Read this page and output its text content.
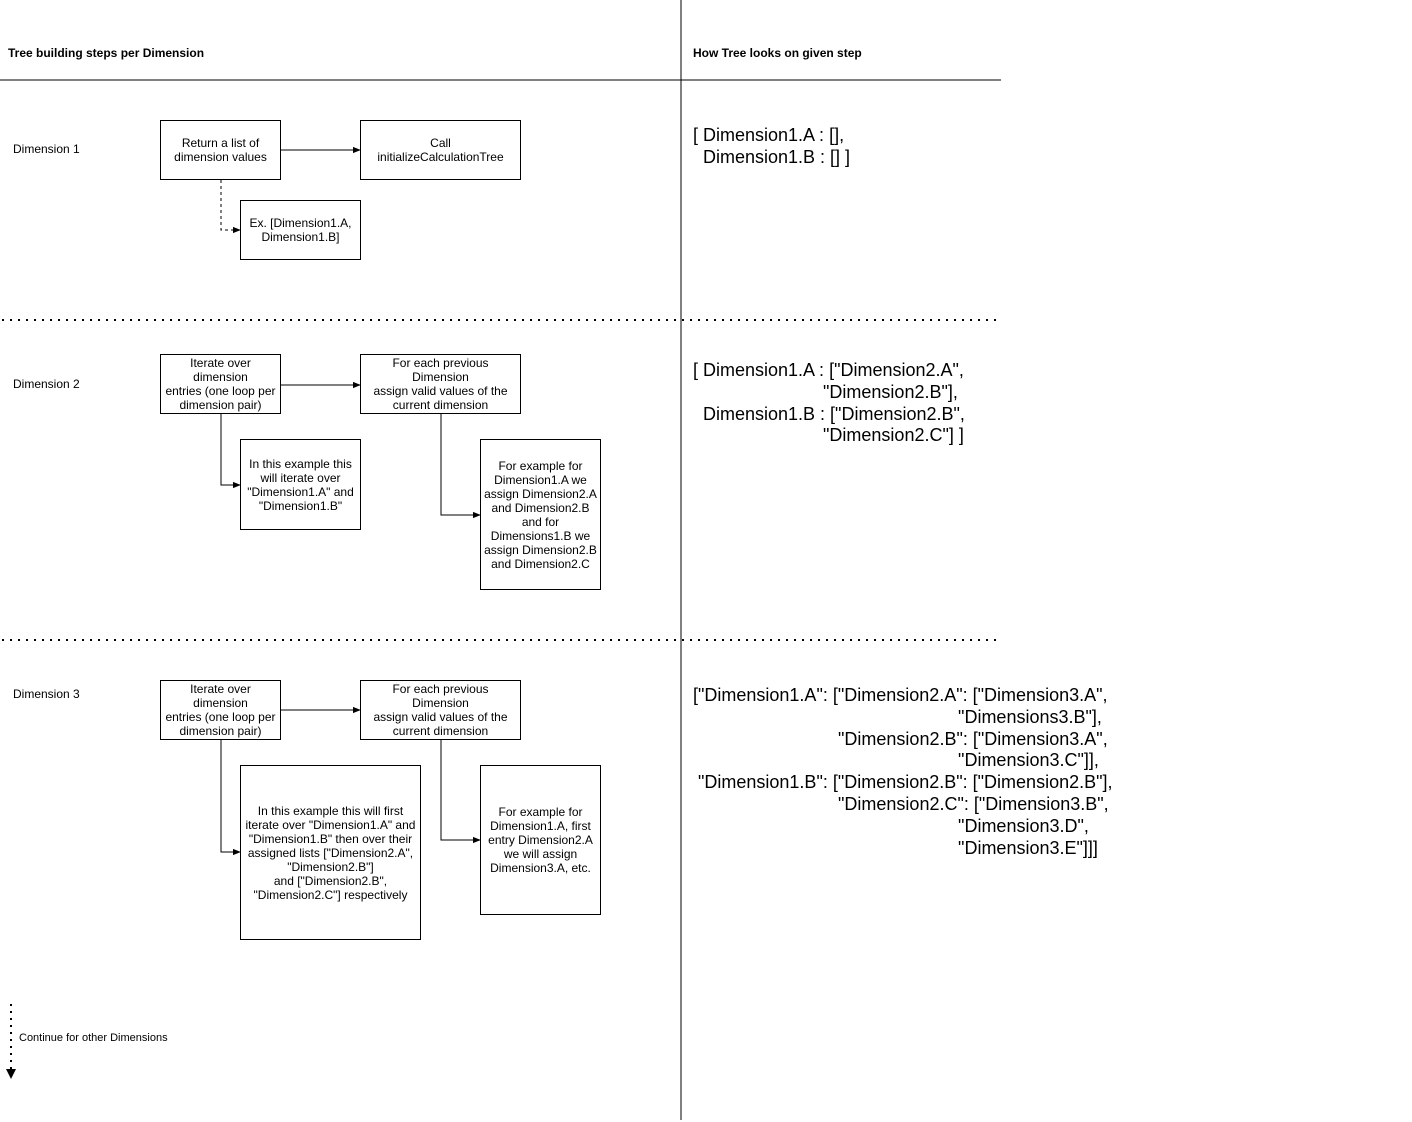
Tree building steps per Dimension	How Tree looks on given step
Dimension 1	Return a list of
dimension values
Call
initializeCalculationTree
Ex. [Dimension1.A,
Dimension1.B]
[ Dimension1.A : [],
Dimension1.B : [] ]
Dimension 2
Iterate over dimension
entries (one loop per
dimension pair)
For each previous Dimension
assign valid values of the
current dimension
In this example this
will iterate over
"Dimension1.A" and
"Dimension1.B"
For example for
Dimension1.A we
assign Dimension2.A
and Dimension2.B
and for
Dimensions1.B we
assign Dimension2.B
and Dimension2.C
[ Dimension1.A : ["Dimension2.A",
"Dimension2.B"],
Dimension1.B : ["Dimension2.B",
"Dimension2.C"] ]
Dimension 3	Iterate over dimension
entries (one loop per
dimension pair)
For each previous Dimension
assign valid values of the
current dimension
In this example this will first
iterate over "Dimension1.A" and
"Dimension1.B" then over their
assigned lists ["Dimension2.A",
"Dimension2.B"]
and ["Dimension2.B",
"Dimension2.C"] respectively
For example for
Dimension1.A, first
entry Dimension2.A
we will assign
Dimension3.A, etc.
["Dimension1.A": ["Dimension2.A": ["Dimension3.A",
"Dimensions3.B"],
"Dimension2.B": ["Dimension3.A",
"Dimension3.C"]],
"Dimension1.B": ["Dimension2.B": ["Dimension2.B"],
"Dimension2.C": ["Dimension3.B",
"Dimension3.D",
"Dimension3.E"]]]
Continue for other Dimensions
